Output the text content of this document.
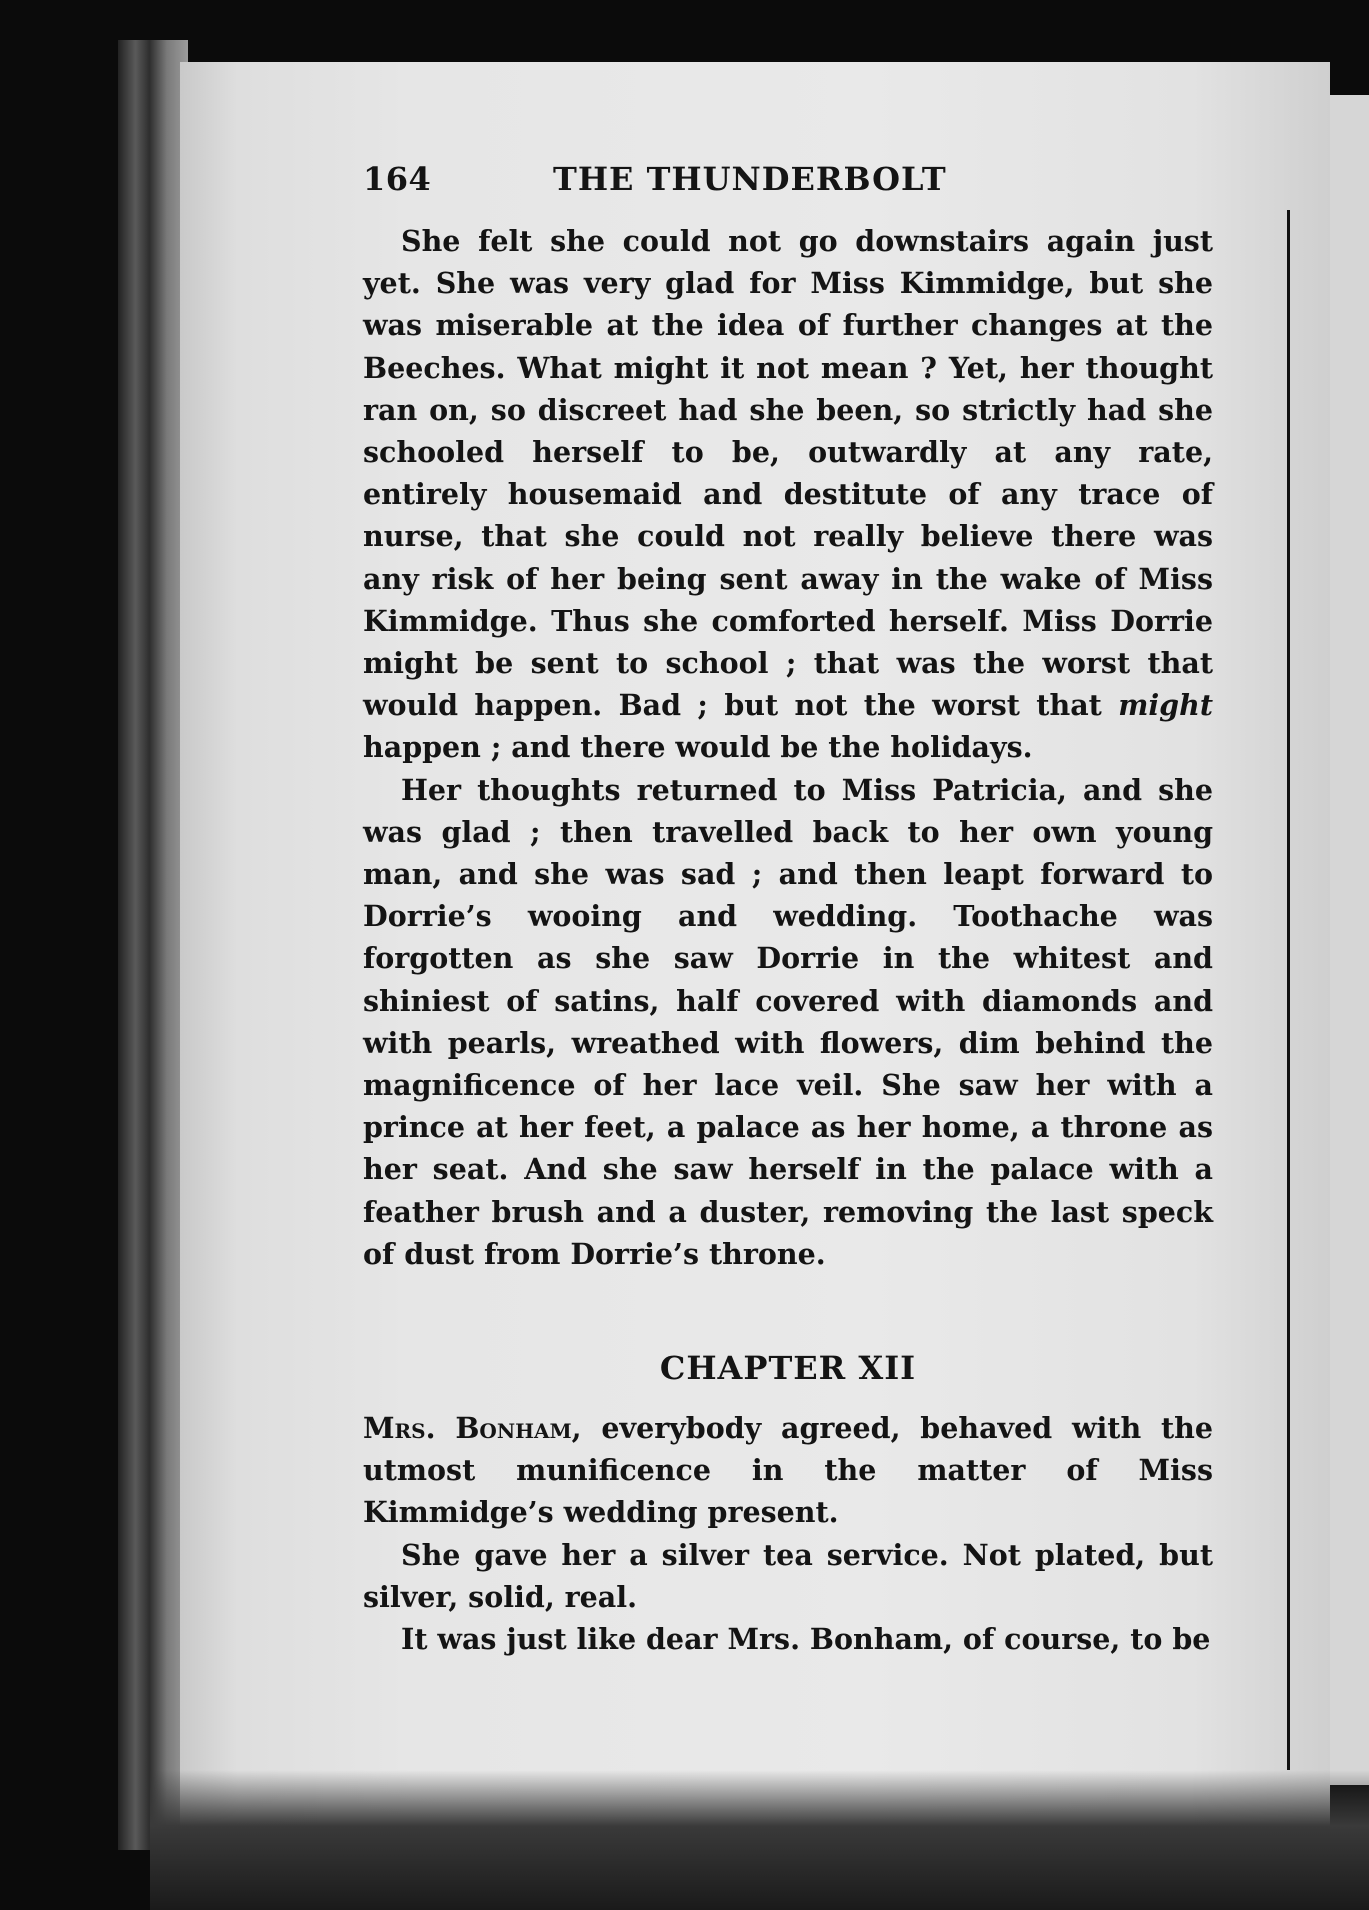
164	THE THUNDERBOLT

She felt she could not go downstairs again just yet. She was very glad for Miss Kimmidge, but she was miserable at the idea of further changes at the Beeches. What might it not mean ? Yet, her thought ran on, so discreet had she been, so strictly had she schooled herself to be, outwardly at any rate, entirely housemaid and destitute of any trace of nurse, that she could not really believe there was any risk of her being sent away in the wake of Miss Kimmidge. Thus she comforted herself. Miss Dorrie might be sent to school ; that was the worst that would happen. Bad ; but not the worst that might happen ; and there would be the holidays.

Her thoughts returned to Miss Patricia, and she was glad ; then travelled back to her own young man, and she was sad ; and then leapt forward to Dorrie’s wooing and wedding. Toothache was forgotten as she saw Dorrie in the whitest and shiniest of satins, half covered with diamonds and with pearls, wreathed with flowers, dim behind the magnificence of her lace veil. She saw her with a prince at her feet, a palace as her home, a throne as her seat. And she saw herself in the palace with a feather brush and a duster, removing the last speck of dust from Dorrie’s throne.

CHAPTER XII

Mrs. Bonham, everybody agreed, behaved with the utmost munificence in the matter of Miss Kimmidge’s wedding present.

She gave her a silver tea service. Not plated, but silver, solid, real.

It was just like dear Mrs. Bonham, of course, to be
